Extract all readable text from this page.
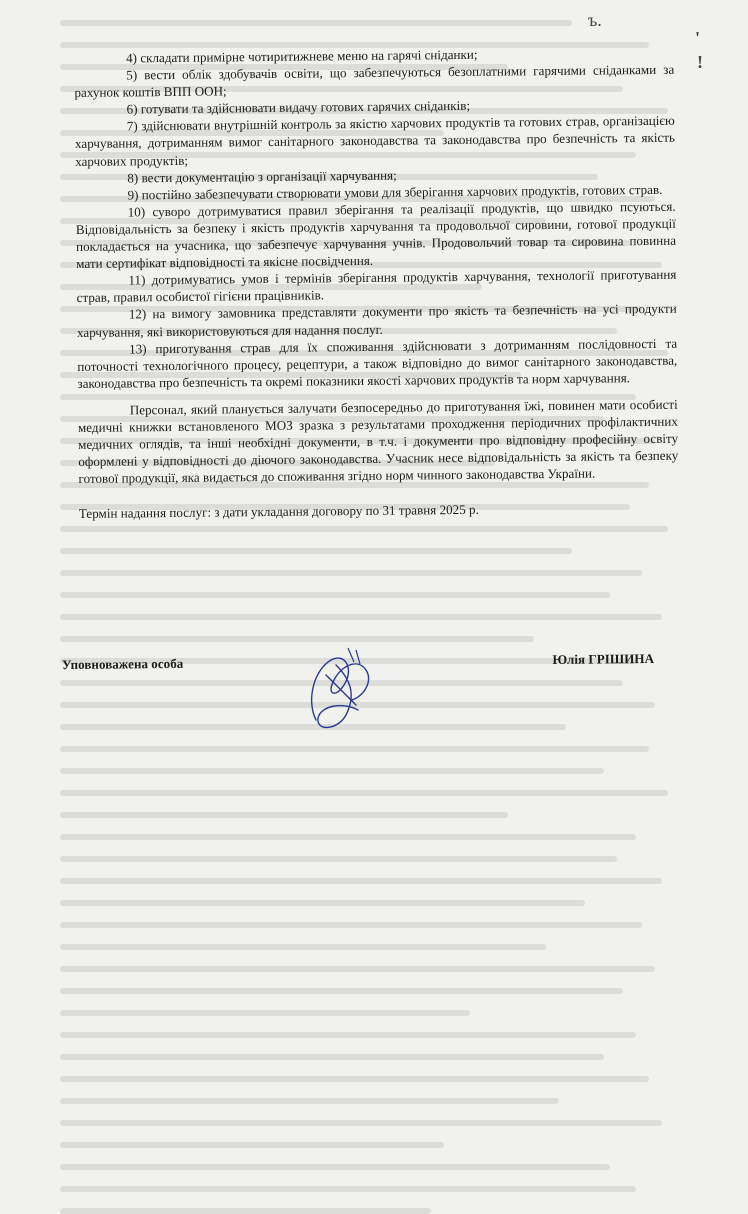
ъ.
'
!

4) складати примірне чотиритижневе меню на гарячі сніданки;

5) вести облік здобувачів освіти, що забезпечуються безоплатними гарячими сніданками за рахунок коштів ВПП ООН;

6) готувати та здійснювати видачу готових гарячих сніданків;

7) здійснювати внутрішній контроль за якістю харчових продуктів та готових страв, організацією харчування, дотриманням вимог санітарного законодавства та законодавства про безпечність та якість харчових продуктів;

8) вести документацію з організації харчування;

9) постійно забезпечувати створювати умови для зберігання харчових продуктів, готових страв.

10) суворо дотримуватися правил зберігання та реалізації продуктів, що швидко псуються. Відповідальність за безпеку і якість продуктів харчування та продовольчої сировини, готової продукції покладається на учасника, що забезпечує харчування учнів. Продовольчий товар та сировина повинна мати сертифікат відповідності та якісне посвідчення.

11) дотримуватись умов і термінів зберігання продуктів харчування, технології приготування страв, правил особистої гігієни працівників.

12) на вимогу замовника представляти документи про якість та безпечність на усі продукти харчування, які використовуються для надання послуг.

13) приготування страв для їх споживання здійснювати з дотриманням послідовності та поточності технологічного процесу, рецептури, а також відповідно до вимог санітарного законодавства, законодавства про безпечність та окремі показники якості харчових продуктів та норм харчування.

Персонал, який планується залучати безпосередньо до приготування їжі, повинен мати особисті медичні книжки встановленого МОЗ зразка з результатами проходження періодичних профілактичних медичних оглядів, та інші необхідні документи, в т.ч. і документи про відповідну професійну освіту оформлені у відповідності до діючого законодавства. Учасник несе відповідальність за якість та безпеку готової продукції, яка видається до споживання згідно норм чинного законодавства України.

Термін надання послуг: з дати укладання договору по 31 травня 2025 р.

Уповноважена особа	Юлія ГРІШИНА
